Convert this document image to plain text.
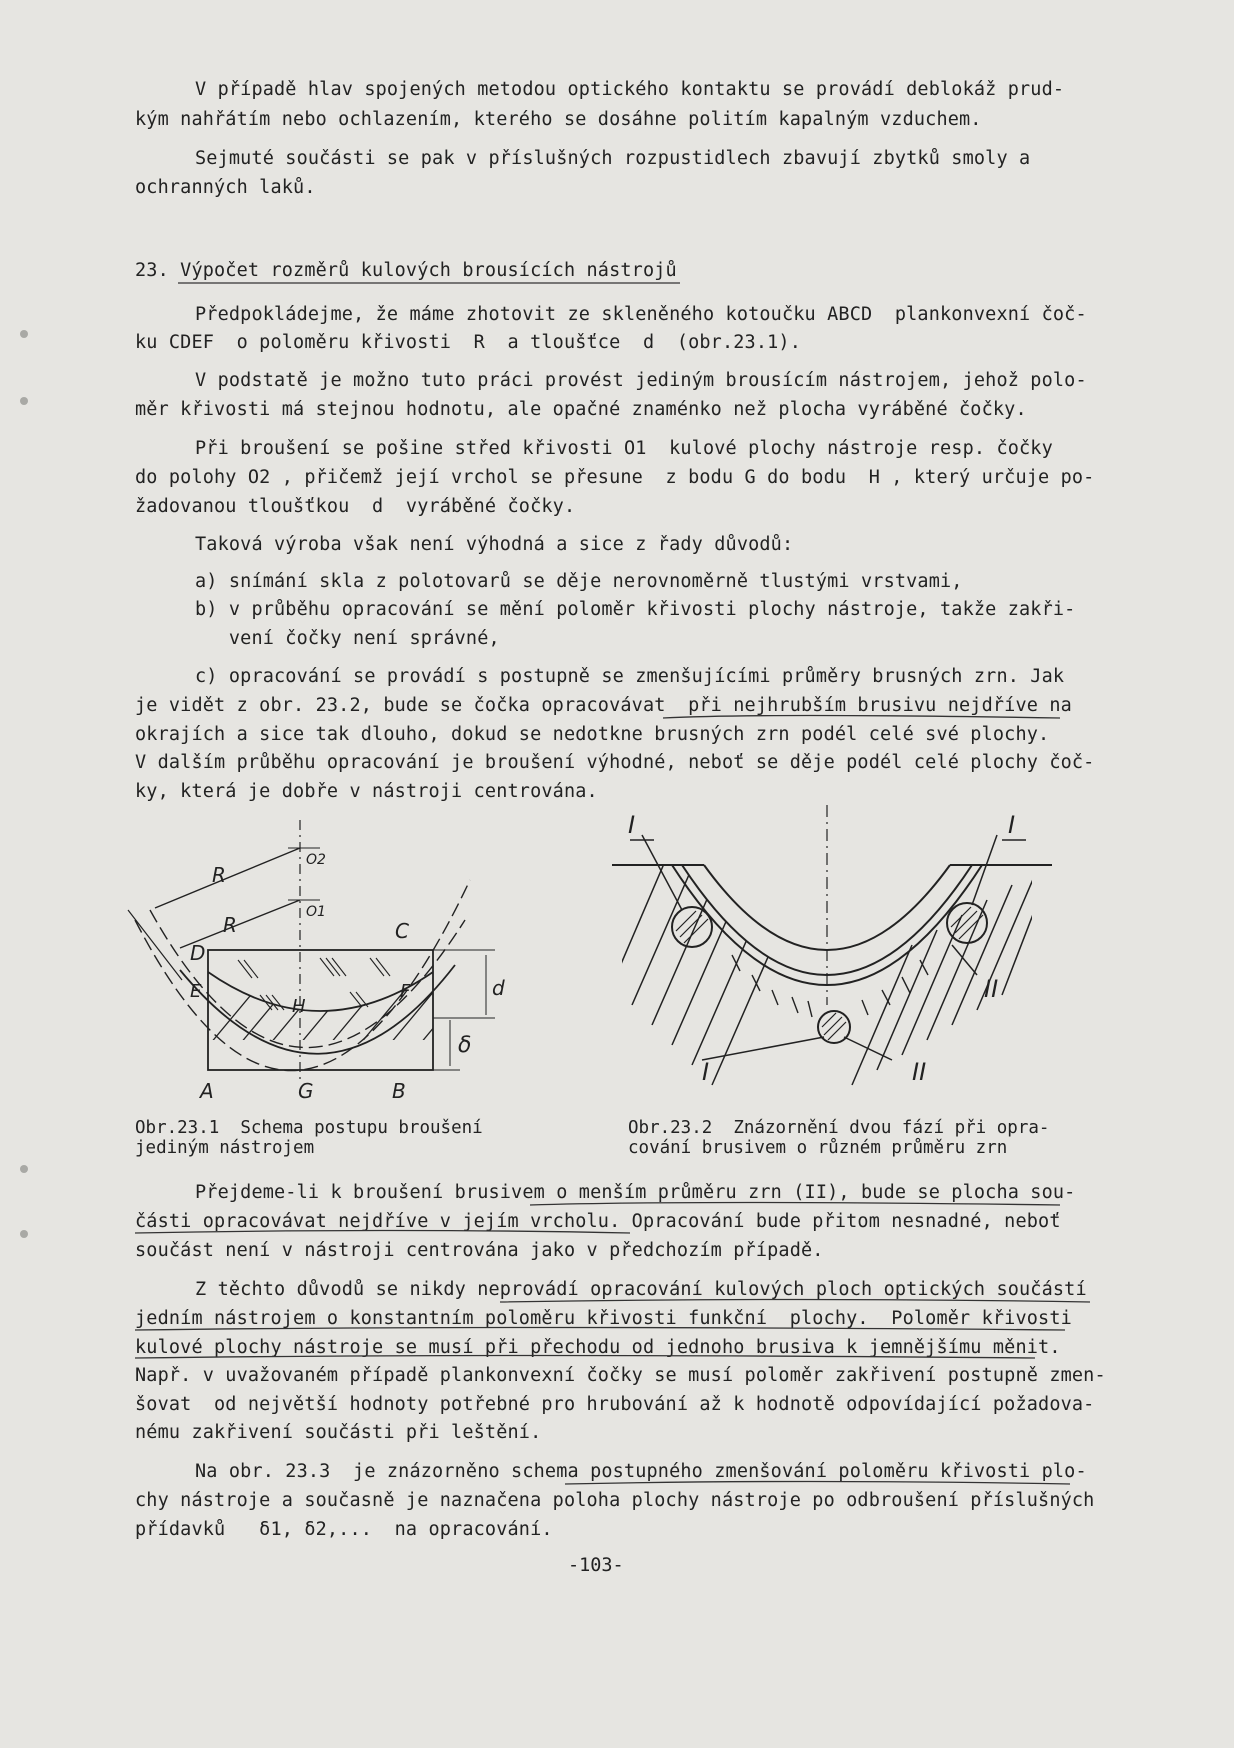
V případě hlav spojených metodou optického kontaktu se provádí deblokáž prud-
kým nahřátím nebo ochlazením, kterého se dosáhne politím kapalným vzduchem.
Sejmuté součásti se pak v příslušných rozpustidlech zbavují zbytků smoly a
ochranných laků.
23. Výpočet rozměrů kulových brousících nástrojů
Předpokládejme, že máme zhotovit ze skleněného kotoučku ABCD  plankonvexní čoč-
ku CDEF  o poloměru křivosti  R  a tloušťce  d  (obr.23.1).
V podstatě je možno tuto práci provést jediným brousícím nástrojem, jehož polo-
měr křivosti má stejnou hodnotu, ale opačné znaménko než plocha vyráběné čočky.
Při broušení se pošine střed křivosti O1  kulové plochy nástroje resp. čočky
do polohy O2 , přičemž její vrchol se přesune  z bodu G do bodu  H , který určuje po-
žadovanou tloušťkou  d  vyráběné čočky.
Taková výroba však není výhodná a sice z řady důvodů:
a) snímání skla z polotovarů se děje nerovnoměrně tlustými vrstvami,
b) v průběhu opracování se mění poloměr křivosti plochy nástroje, takže zakři-
vení čočky není správné,
c) opracování se provádí s postupně se zmenšujícími průměry brusných zrn. Jak
je vidět z obr. 23.2, bude se čočka opracovávat  při nejhrubším brusivu nejdříve na
okrajích a sice tak dlouho, dokud se nedotkne brusných zrn podél celé své plochy.
V dalším průběhu opracování je broušení výhodné, neboť se děje podél celé plochy čoč-
ky, která je dobře v nástroji centrována.
R
R
O2
O1
C
D
E	F
H
d
δ
A	G	B
I	I
II
I	II
Obr.23.1  Schema postupu broušení
jediným nástrojem
Obr.23.2  Znázornění dvou fází při opra-
cování brusivem o různém průměru zrn
Přejdeme-li k broušení brusivem o menším průměru zrn (II), bude se plocha sou-
části opracovávat nejdříve v jejím vrcholu. Opracování bude přitom nesnadné, neboť
součást není v nástroji centrována jako v předchozím případě.
Z těchto důvodů se nikdy neprovádí opracování kulových ploch optických součástí
jedním nástrojem o konstantním poloměru křivosti funkční  plochy.  Poloměr křivosti
kulové plochy nástroje se musí při přechodu od jednoho brusiva k jemnějšímu měnit.
Např. v uvažovaném případě plankonvexní čočky se musí poloměr zakřivení postupně zmen-
šovat  od největší hodnoty potřebné pro hrubování až k hodnotě odpovídající požadova-
nému zakřivení součásti při leštění.
Na obr. 23.3  je znázorněno schema postupného zmenšování poloměru křivosti plo-
chy nástroje a současně je naznačena poloha plochy nástroje po odbroušení příslušných
přídavků   δ1, δ2,...  na opracování.
-103-
